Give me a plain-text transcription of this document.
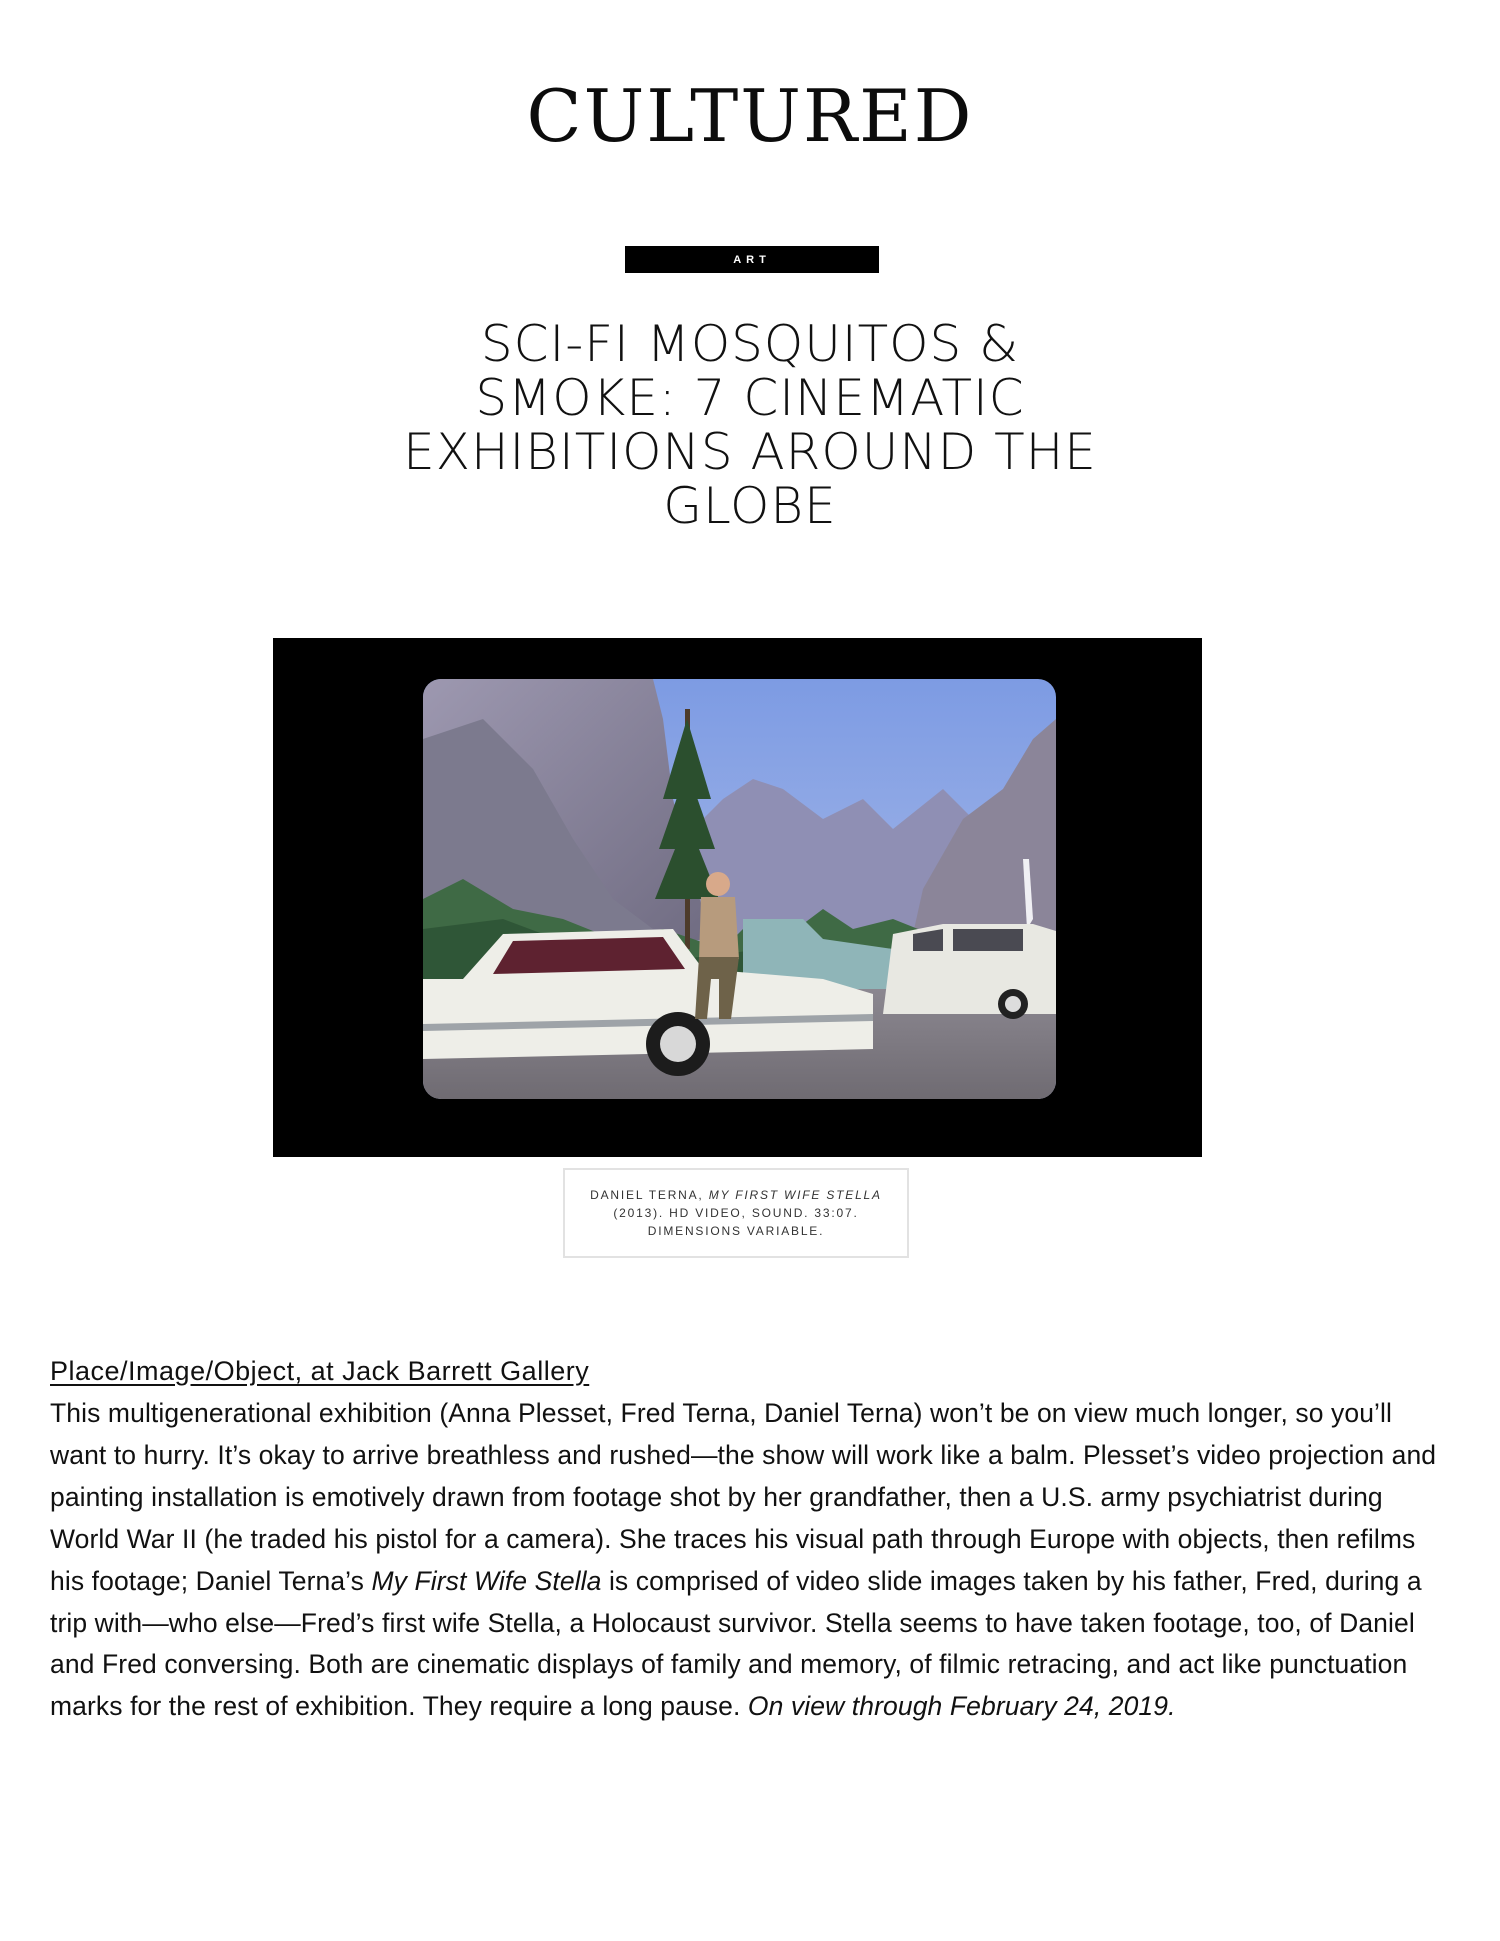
CULTURED
ART
SCI-FI MOSQUITOS & SMOKE: 7 CINEMATIC EXHIBITIONS AROUND THE GLOBE
DANIEL TERNA, MY FIRST WIFE STELLA (2013). HD VIDEO, SOUND. 33:07. DIMENSIONS VARIABLE.
Place/Image/Object, at Jack Barrett Gallery

This multigenerational exhibition (Anna Plesset, Fred Terna, Daniel Terna) won’t be on view much longer, so you’ll want to hurry. It’s okay to arrive breathless and rushed—the show will work like a balm. Plesset’s video projection and painting installation is emotively drawn from footage shot by her grandfather, then a U.S. army psychiatrist during World War II (he traded his pistol for a camera). She traces his visual path through Europe with objects, then refilms his footage; Daniel Terna’s My First Wife Stella is comprised of video slide images taken by his father, Fred, during a trip with—who else—Fred’s first wife Stella, a Holocaust survivor. Stella seems to have taken footage, too, of Daniel and Fred conversing. Both are cinematic displays of family and memory, of filmic retracing, and act like punctuation marks for the rest of exhibition. They require a long pause. On view through February 24, 2019.
